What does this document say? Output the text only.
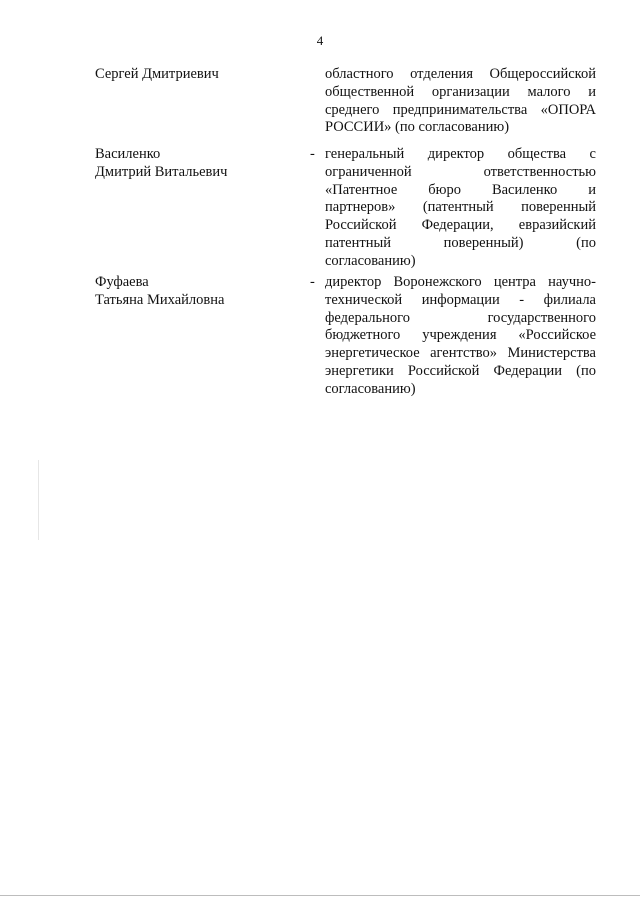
4
Сергей Дмитриевич	областного отделения Общероссийской
общественной организации малого и
среднего предпринимательства «ОПОРА
РОССИИ» (по согласованию)
Василенко
Дмитрий Витальевич
- генеральный директор общества с
ограниченной ответственностью
«Патентное бюро Василенко и
партнеров» (патентный поверенный
Российской Федерации, евразийский
патентный поверенный) (по
согласованию)
Фуфаева
Татьяна Михайловна
- директор Воронежского центра научно-
технической информации - филиала
федерального государственного
бюджетного учреждения «Российское
энергетическое агентство» Министерства
энергетики Российской Федерации (по
согласованию)
